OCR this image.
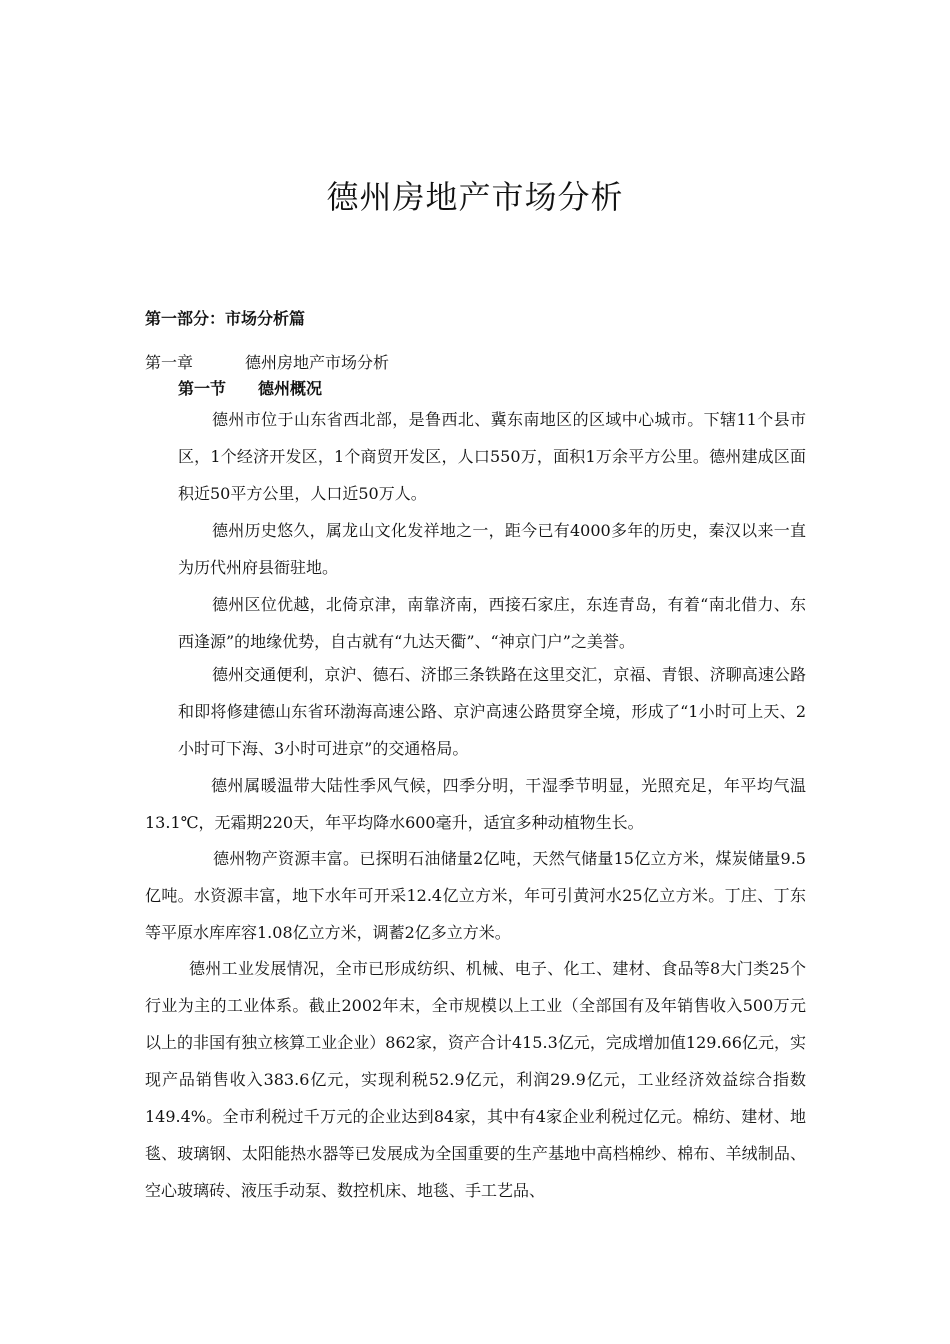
德州房地产市场分析
第一部分：市场分析篇
第一章	德州房地产市场分析
第一节 德州概况

德州市位于山东省西北部，是鲁西北、冀东南地区的区域中心城市。下辖11个县市区，1个经济开发区，1个商贸开发区，人口550万，面积1万余平方公里。德州建成区面积近50平方公里，人口近50万人。

德州历史悠久，属龙山文化发祥地之一，距今已有4000多年的历史，秦汉以来一直为历代州府县衙驻地。

德州区位优越，北倚京津，南靠济南，西接石家庄，东连青岛，有着“南北借力、东西逢源”的地缘优势，自古就有“九达天衢”、“神京门户”之美誉。

德州交通便利，京沪、德石、济邯三条铁路在这里交汇，京福、青银、济聊高速公路和即将修建德山东省环渤海高速公路、京沪高速公路贯穿全境，形成了“1小时可上天、2小时可下海、3小时可进京”的交通格局。

德州属暖温带大陆性季风气候，四季分明，干湿季节明显，光照充足，年平均气温13.1℃，无霜期220天，年平均降水600毫升，适宜多种动植物生长。

德州物产资源丰富。已探明石油储量2亿吨，天然气储量15亿立方米，煤炭储量9.5亿吨。水资源丰富，地下水年可开采12.4亿立方米，年可引黄河水25亿立方米。丁庄、丁东等平原水库库容1.08亿立方米，调蓄2亿多立方米。

德州工业发展情况，全市已形成纺织、机械、电子、化工、建材、食品等8大门类25个行业为主的工业体系。截止2002年末，全市规模以上工业（全部国有及年销售收入500万元以上的非国有独立核算工业企业）862家，资产合计415.3亿元，完成增加值129.66亿元，实现产品销售收入383.6亿元，实现利税52.9亿元，利润29.9亿元，工业经济效益综合指数149.4%。全市利税过千万元的企业达到84家，其中有4家企业利税过亿元。棉纺、建材、地毯、玻璃钢、太阳能热水器等已发展成为全国重要的生产基地中高档棉纱、棉布、羊绒制品、空心玻璃砖、液压手动泵、数控机床、地毯、手工艺品、
